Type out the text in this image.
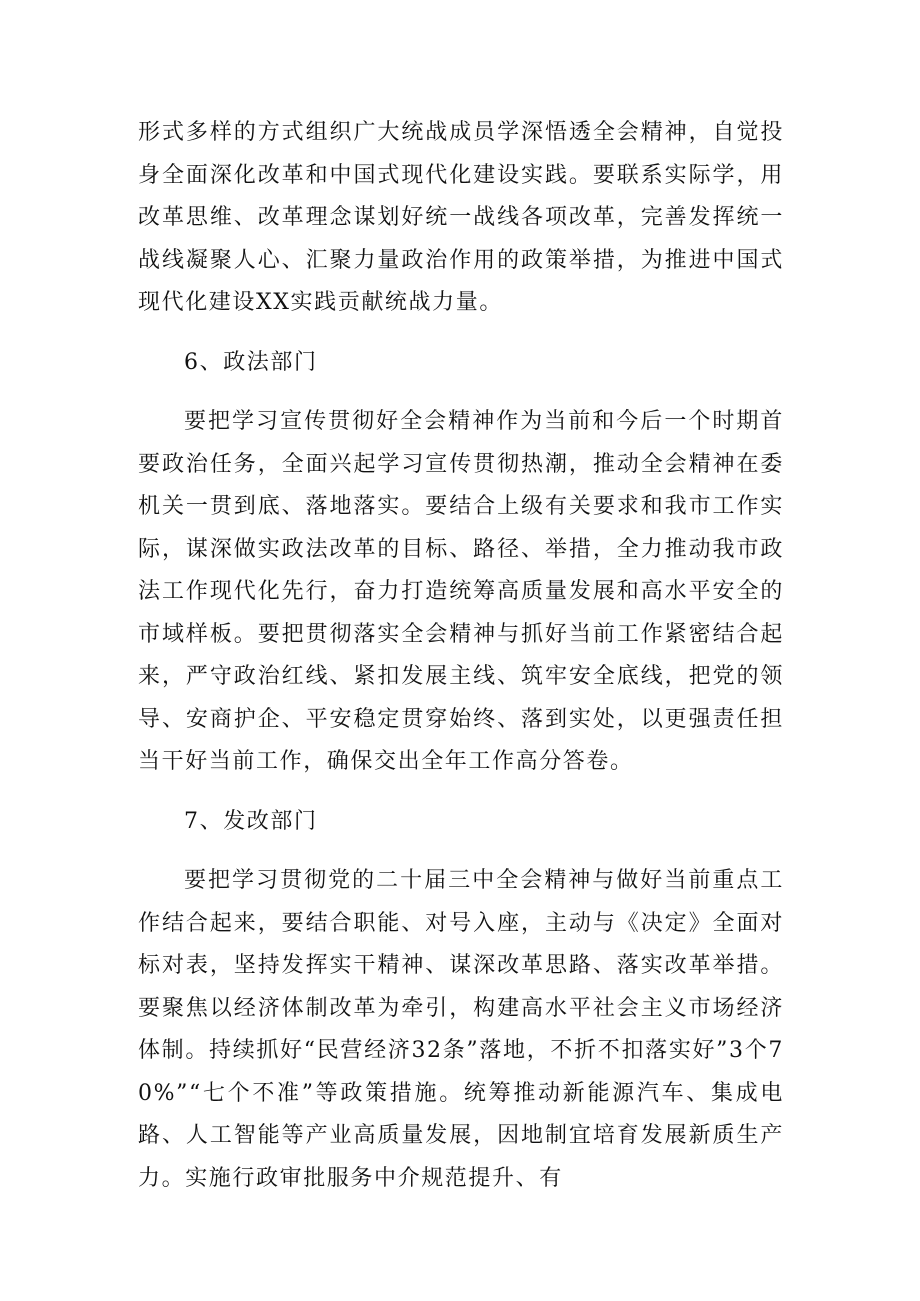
形式多样的方式组织广大统战成员学深悟透全会精神，自觉投身全面深化改革和中国式现代化建设实践。要联系实际学，用改革思维、改革理念谋划好统一战线各项改革，完善发挥统一战线凝聚人心、汇聚力量政治作用的政策举措，为推进中国式现代化建设XX实践贡献统战力量。

6、政法部门

要把学习宣传贯彻好全会精神作为当前和今后一个时期首要政治任务，全面兴起学习宣传贯彻热潮，推动全会精神在委机关一贯到底、落地落实。要结合上级有关要求和我市工作实际，谋深做实政法改革的目标、路径、举措，全力推动我市政法工作现代化先行，奋力打造统筹高质量发展和高水平安全的市域样板。要把贯彻落实全会精神与抓好当前工作紧密结合起来，严守政治红线、紧扣发展主线、筑牢安全底线，把党的领导、安商护企、平安稳定贯穿始终、落到实处，以更强责任担当干好当前工作，确保交出全年工作高分答卷。

7、发改部门

要把学习贯彻党的二十届三中全会精神与做好当前重点工作结合起来，要结合职能、对号入座，主动与《决定》全面对标对表，坚持发挥实干精神、谋深改革思路、落实改革举措。要聚焦以经济体制改革为牵引，构建高水平社会主义市场经济体制。持续抓好“民营经济32条”落地，不折不扣落实好”3个70%”“七个不准”等政策措施。统筹推动新能源汽车、集成电路、人工智能等产业高质量发展，因地制宜培育发展新质生产力。实施行政审批服务中介规范提升、有
